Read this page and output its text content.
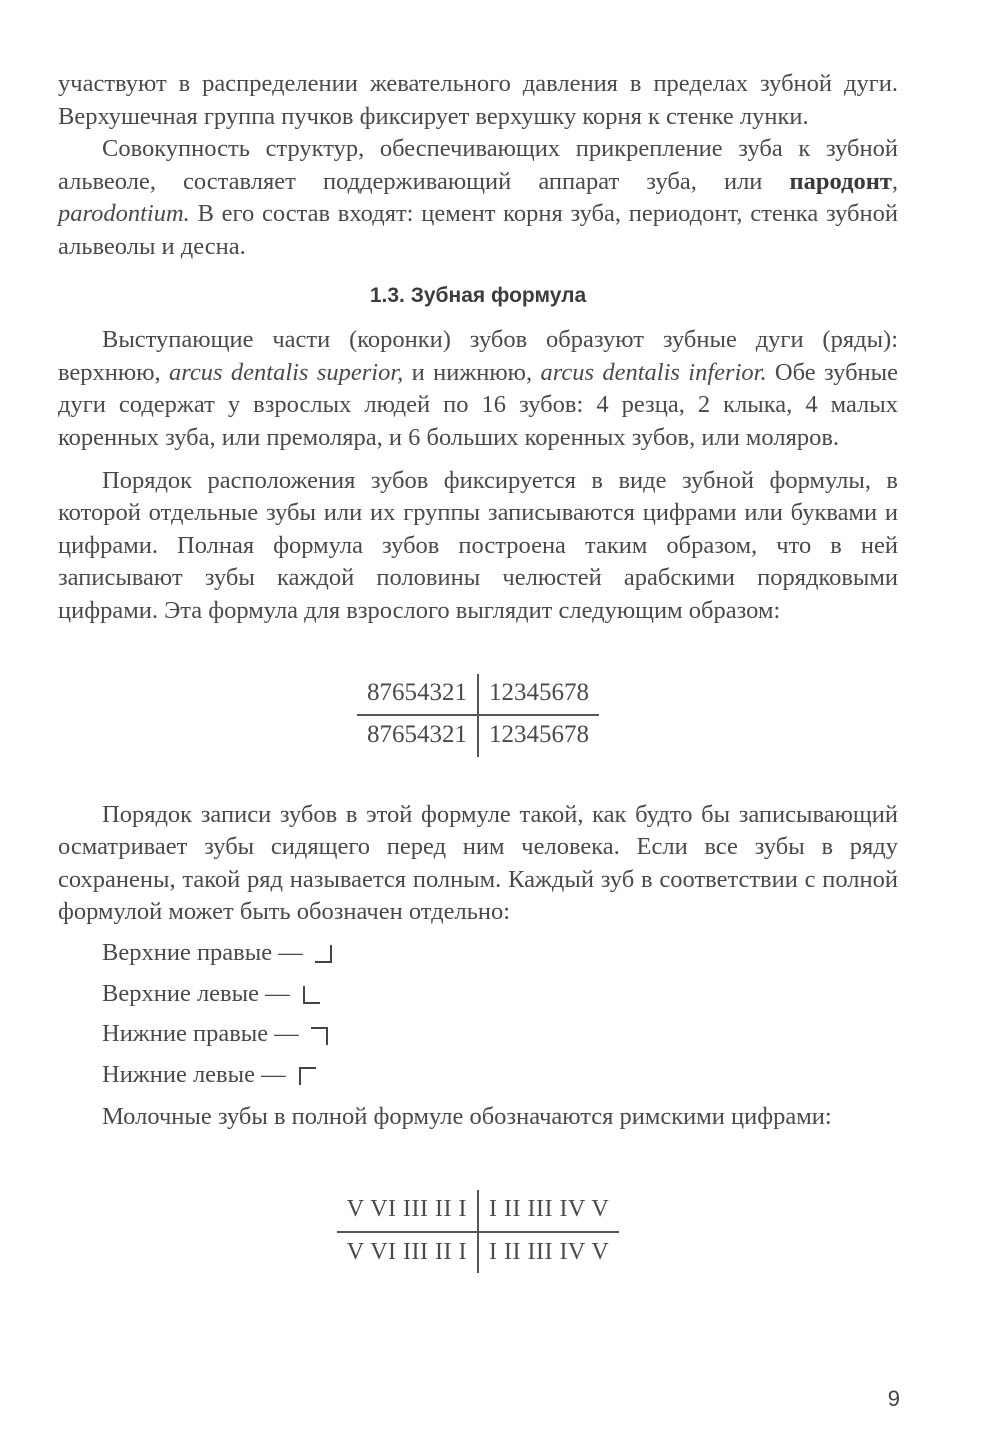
участвуют в распределении жевательного давления в пределах зубной дуги. Верхушечная группа пучков фиксирует верхушку корня к стенке лунки.

Совокупность структур, обеспечивающих прикрепление зуба к зубной альвеоле, составляет поддерживающий аппарат зуба, или пародонт, parodontium. В его состав входят: цемент корня зуба, периодонт, стенка зубной альвеолы и десна.

1.3. Зубная формула

Выступающие части (коронки) зубов образуют зубные дуги (ряды): верхнюю, arcus dentalis superior, и нижнюю, arcus dentalis inferior. Обе зубные дуги содержат у взрослых людей по 16 зубов: 4 резца, 2 клыка, 4 малых коренных зуба, или премоляра, и 6 больших коренных зубов, или моляров.

Порядок расположения зубов фиксируется в виде зубной формулы, в которой отдельные зубы или их группы записываются цифрами или буквами и цифрами. Полная формула зубов построена таким образом, что в ней записывают зубы каждой половины челюстей арабскими порядковыми цифрами. Эта формула для взрослого выглядит следующим образом:

87654321	12345678
87654321	12345678

Порядок записи зубов в этой формуле такой, как будто бы записывающий осматривает зубы сидящего перед ним человека. Если все зубы в ряду сохранены, такой ряд называется полным. Каждый зуб в соответствии с полной формулой может быть обозначен отдельно:

Верхние правые —

Верхние левые —

Нижние правые —

Нижние левые —

Молочные зубы в полной формуле обозначаются римскими цифрами:

V VI III II I	I II III IV V
V VI III II I	I II III IV V
9
